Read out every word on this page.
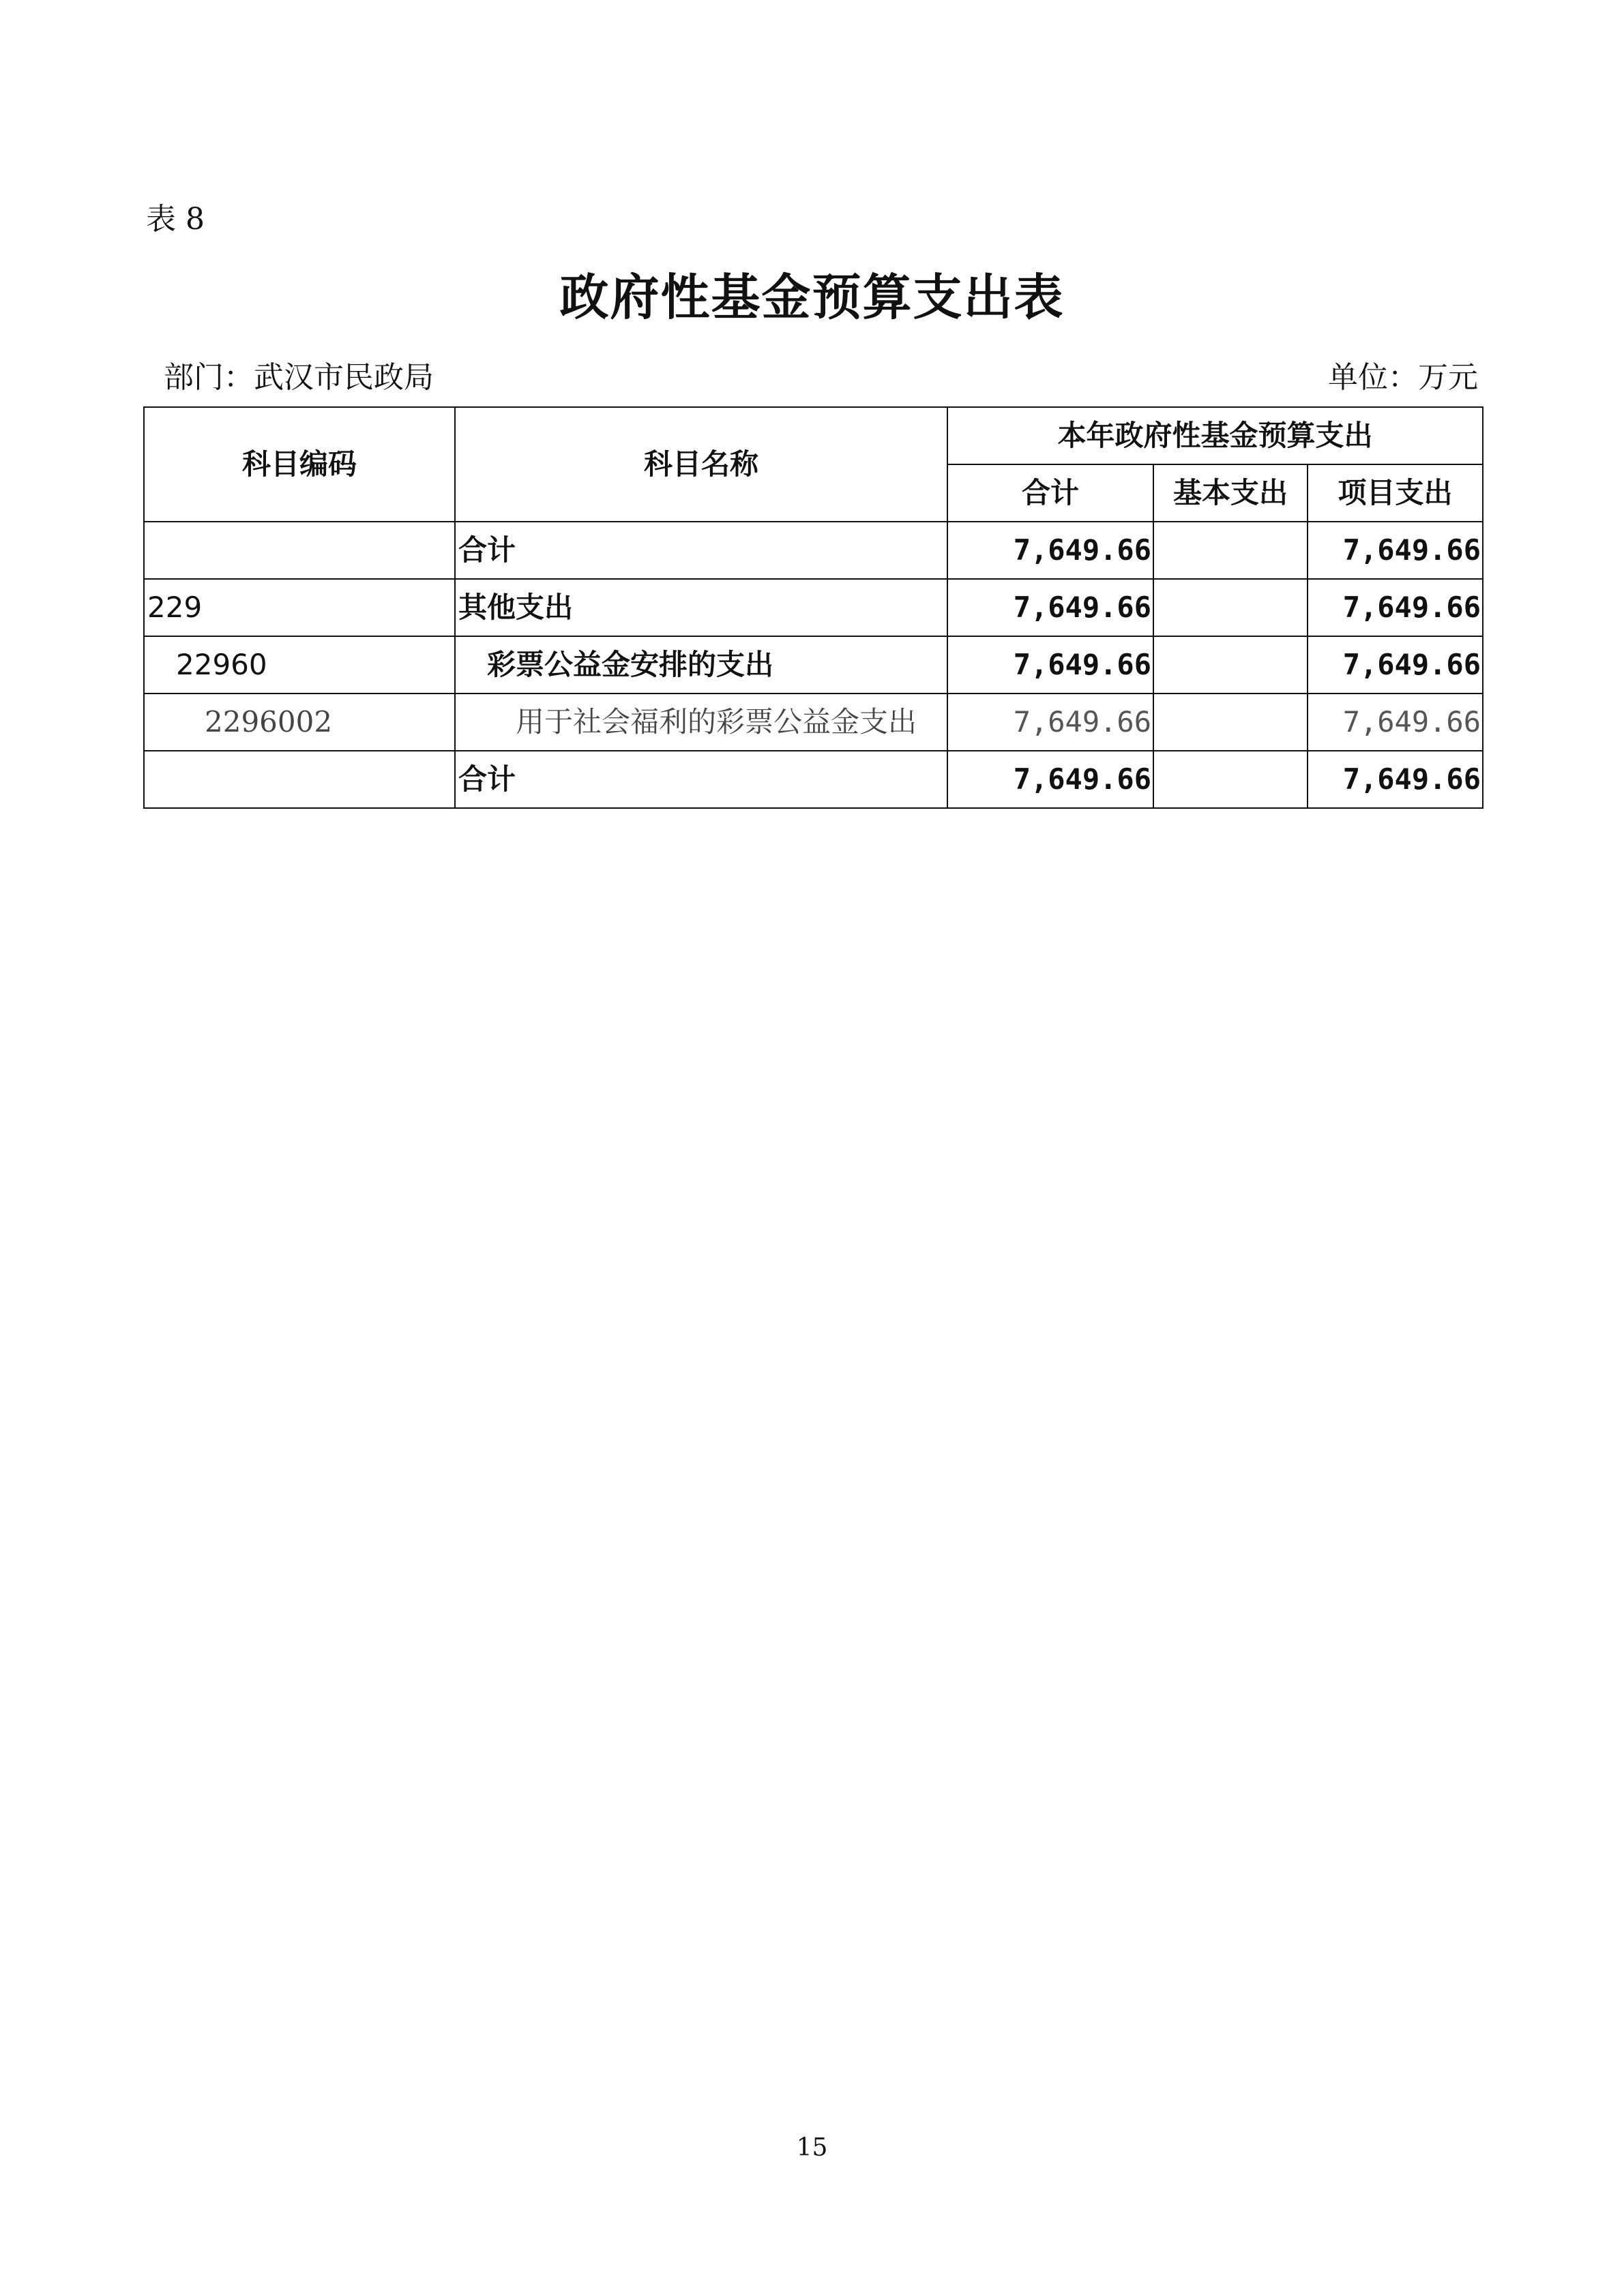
表 8
政府性基金预算支出表
部门：武汉市民政局	单位：万元
科目编码	科目名称	本年政府性基金预算支出		
		合计	基本支出	项目支出
	合计	7,649.66		7,649.66
229	其他支出	7,649.66		7,649.66
22960	彩票公益金安排的支出	7,649.66		7,649.66
2296002	用于社会福利的彩票公益金支出	7,649.66		7,649.66
	合计	7,649.66		7,649.66
15
